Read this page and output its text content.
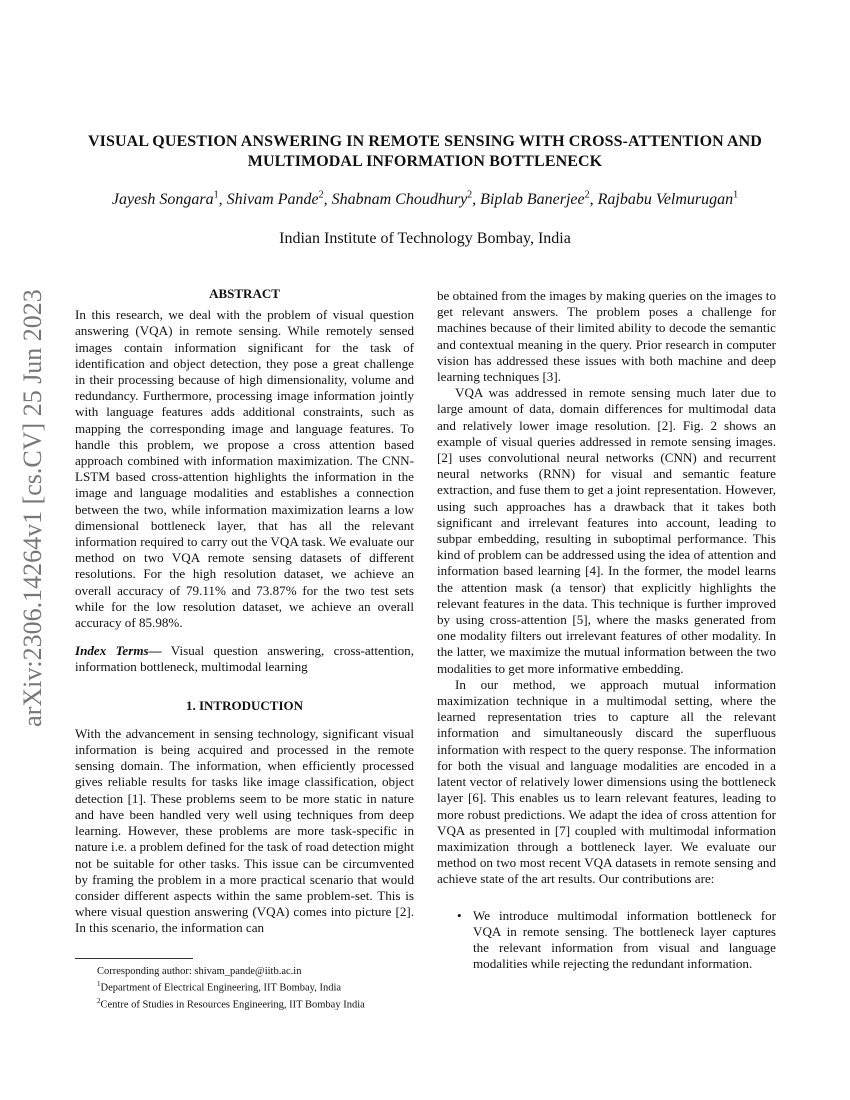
arXiv:2306.14264v1 [cs.CV] 25 Jun 2023
VISUAL QUESTION ANSWERING IN REMOTE SENSING WITH CROSS-ATTENTION AND
MULTIMODAL INFORMATION BOTTLENECK
Jayesh Songara$^1$, Shivam Pande$^2$, Shabnam Choudhury$^2$, Biplab Banerjee$^2$, Rajbabu Velmurugan$^1$
Indian Institute of Technology Bombay, India
ABSTRACT

In this research, we deal with the problem of visual question answering (VQA) in remote sensing. While remotely sensed images contain information significant for the task of identification and object detection, they pose a great challenge in their processing because of high dimensionality, volume and redundancy. Furthermore, processing image information jointly with language features adds additional constraints, such as mapping the corresponding image and language features. To handle this problem, we propose a cross attention based approach combined with information maximization. The CNN-LSTM based cross-attention highlights the information in the image and language modalities and establishes a connection between the two, while information maximization learns a low dimensional bottleneck layer, that has all the relevant information required to carry out the VQA task. We evaluate our method on two VQA remote sensing datasets of different resolutions. For the high resolution dataset, we achieve an overall accuracy of 79.11% and 73.87% for the two test sets while for the low resolution dataset, we achieve an overall accuracy of 85.98%.

Index Terms— Visual question answering, cross-attention, information bottleneck, multimodal learning

1. INTRODUCTION

With the advancement in sensing technology, significant visual information is being acquired and processed in the remote sensing domain. The information, when efficiently processed gives reliable results for tasks like image classification, object detection [1]. These problems seem to be more static in nature and have been handled very well using techniques from deep learning. However, these problems are more task-specific in nature i.e. a problem defined for the task of road detection might not be suitable for other tasks. This issue can be circumvented by framing the problem in a more practical scenario that would consider different aspects within the same problem-set. This is where visual question answering (VQA) comes into picture [2]. In this scenario, the information can

be obtained from the images by making queries on the images to get relevant answers. The problem poses a challenge for machines because of their limited ability to decode the semantic and contextual meaning in the query. Prior research in computer vision has addressed these issues with both machine and deep learning techniques [3].

VQA was addressed in remote sensing much later due to large amount of data, domain differences for multimodal data and relatively lower image resolution. [2]. Fig. 2 shows an example of visual queries addressed in remote sensing images. [2] uses convolutional neural networks (CNN) and recurrent neural networks (RNN) for visual and semantic feature extraction, and fuse them to get a joint representation. However, using such approaches has a drawback that it takes both significant and irrelevant features into account, leading to subpar embedding, resulting in suboptimal performance. This kind of problem can be addressed using the idea of attention and information based learning [4]. In the former, the model learns the attention mask (a tensor) that explicitly highlights the relevant features in the data. This technique is further improved by using cross-attention [5], where the masks generated from one modality filters out irrelevant features of other modality. In the latter, we maximize the mutual information between the two modalities to get more informative embedding.

In our method, we approach mutual information maximization technique in a multimodal setting, where the learned representation tries to capture all the relevant information and simultaneously discard the superfluous information with respect to the query response. The information for both the visual and language modalities are encoded in a latent vector of relatively lower dimensions using the bottleneck layer [6]. This enables us to learn relevant features, leading to more robust predictions. We adapt the idea of cross attention for VQA as presented in [7] coupled with multimodal information maximization through a bottleneck layer. We evaluate our method on two most recent VQA datasets in remote sensing and achieve state of the art results. Our contributions are:

• We introduce multimodal information bottleneck for VQA in remote sensing. The bottleneck layer captures the relevant information from visual and language modalities while rejecting the redundant information.
Corresponding author: shivam_pande@iitb.ac.in
$^1$Department of Electrical Engineering, IIT Bombay, India
$^2$Centre of Studies in Resources Engineering, IIT Bombay India
